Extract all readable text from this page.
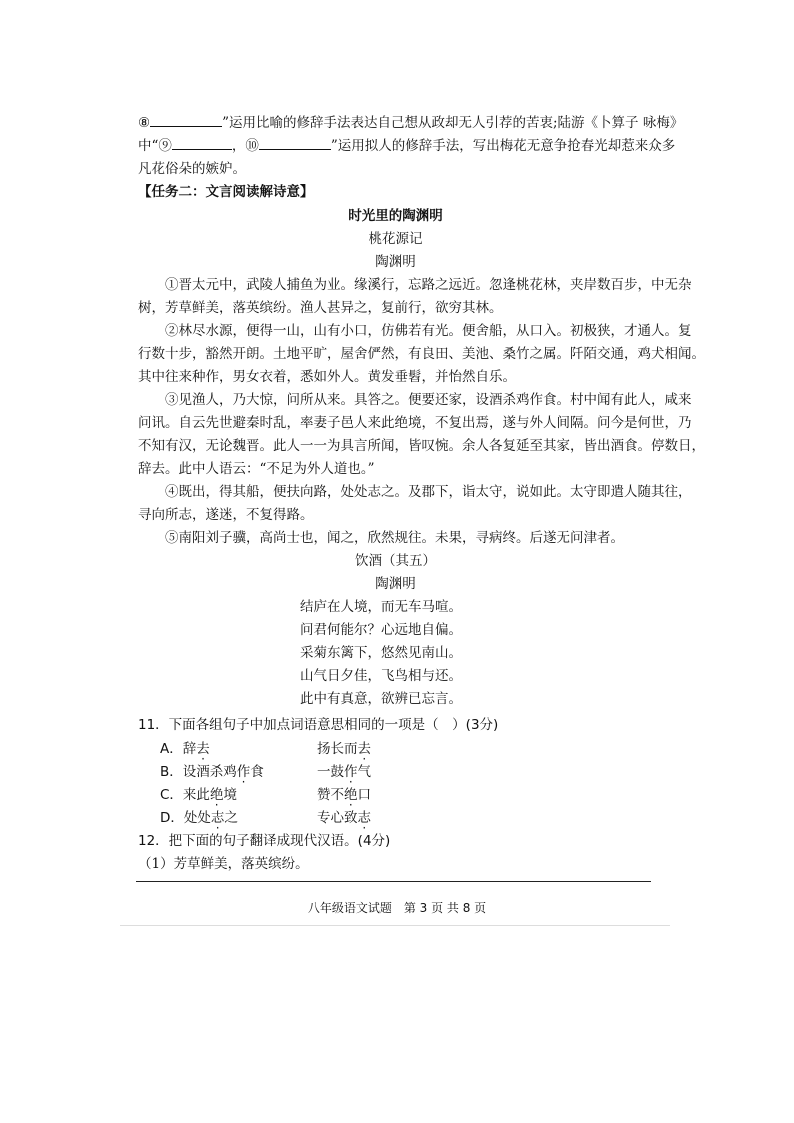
⑧	”运用比喻的修辞手法表达自己想从政却无人引荐的苦衷;陆游《卜算子 咏梅》
中“⑨	，⑩	”运用拟人的修辞手法，写出梅花无意争抢春光却惹来众多
凡花俗朵的嫉妒。
【任务二：文言阅读解诗意】
时光里的陶渊明
桃花源记
陶渊明
①晋太元中，武陵人捕鱼为业。缘溪行，忘路之远近。忽逢桃花林，夹岸数百步，中无杂
树，芳草鲜美，落英缤纷。渔人甚异之，复前行，欲穷其林。
②林尽水源，便得一山，山有小口，仿佛若有光。便舍船，从口入。初极狭，才通人。复
行数十步，豁然开朗。土地平旷，屋舍俨然，有良田、美池、桑竹之属。阡陌交通，鸡犬相闻。
其中往来种作，男女衣着，悉如外人。黄发垂髫，并怡然自乐。
③见渔人，乃大惊，问所从来。具答之。便要还家，设酒杀鸡作食。村中闻有此人，咸来
问讯。自云先世避秦时乱，率妻子邑人来此绝境，不复出焉，遂与外人间隔。问今是何世，乃
不知有汉，无论魏晋。此人一一为具言所闻，皆叹惋。余人各复延至其家，皆出酒食。停数日，
辞去。此中人语云：“不足为外人道也。”
④既出，得其船，便扶向路，处处志之。及郡下，诣太守，说如此。太守即遣人随其往，
寻向所志，遂迷，不复得路。
⑤南阳刘子骥，高尚士也，闻之，欣然规往。未果，寻病终。后遂无问津者。
饮酒（其五）
陶渊明
结庐在人境，而无车马喧。
问君何能尔？心远地自偏。
采菊东篱下，悠然见南山。
山气日夕佳，飞鸟相与还。
此中有真意，欲辨已忘言。
11．下面各组句子中加点词语意思相同的一项是（　）(3分)
A．辞去	扬长而去
B．设酒杀鸡作食	一鼓作气
C．来此绝境	赞不绝口
D．处处志之	专心致志
12．把下面的句子翻译成现代汉语。(4分)
（1）芳草鲜美，落英缤纷。
八年级语文试题　第 3 页 共 8 页
